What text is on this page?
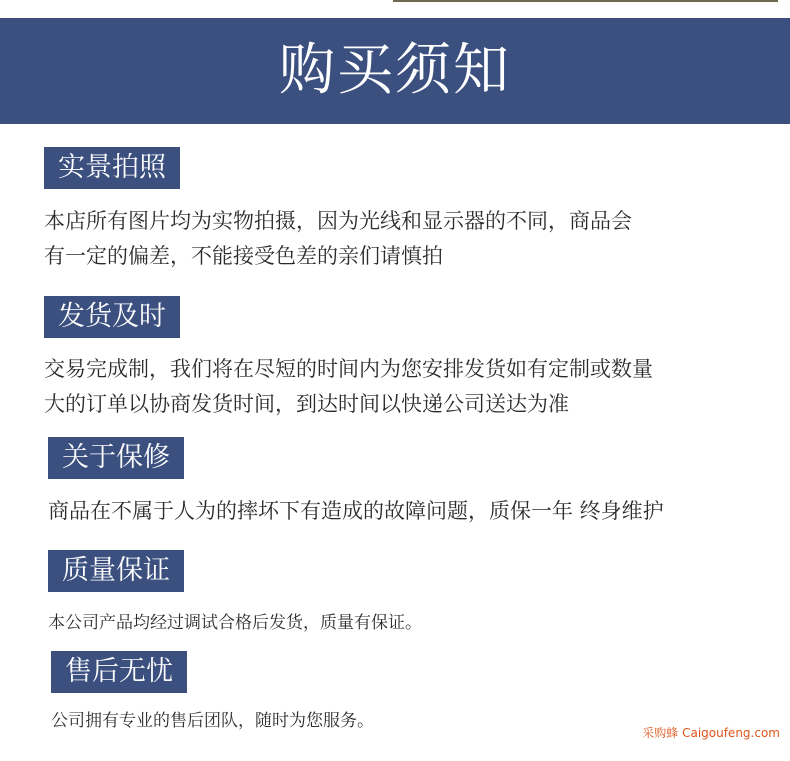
购买须知
实景拍照
本店所有图片均为实物拍摄，因为光线和显示器的不同，商品会
有一定的偏差，不能接受色差的亲们请慎拍
发货及时
交易完成制，我们将在尽短的时间内为您安排发货如有定制或数量
大的订单以协商发货时间，到达时间以快递公司送达为准
关于保修
商品在不属于人为的摔坏下有造成的故障问题，质保一年 终身维护
质量保证
本公司产品均经过调试合格后发货，质量有保证。
售后无忧
公司拥有专业的售后团队，随时为您服务。
采购蜂 Caigoufeng.com
